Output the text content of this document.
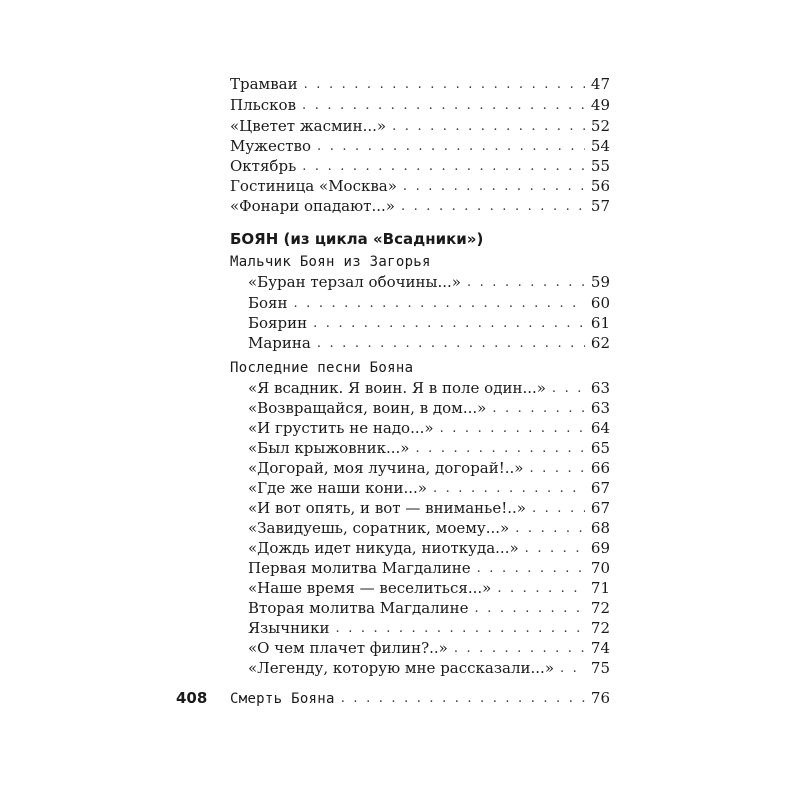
Трамваи . . .	47
Пльсков . . .	49
«Цветет жасмин...» . . .	52
Мужество . . .	54
Октябрь . . .	55
Гостиница «Москва» . . .	56
«Фонари опадают...» . . .	57
БОЯН (из цикла «Всадники»)
Мальчик Боян из Загорья
«Буран терзал обочины...» . . .	59
Боян . . .	60
Боярин . . .	61
Марина . . .	62
Последние песни Бояна
«Я всадник. Я воин. Я в поле один...» . . .	63
«Возвращайся, воин, в дом...» . . .	63
«И грустить не надо...» . . .	64
«Был крыжовник...» . . .	65
«Догорай, моя лучина, догорай!..» . . .	66
«Где же наши кони...» . . .	67
«И вот опять, и вот — вниманье!..» . . .	67
«Завидуешь, соратник, моему...» . . .	68
«Дождь идет никуда, ниоткуда...» . . .	69
Первая молитва Магдалине . . .	70
«Наше время — веселиться...» . . .	71
Вторая молитва Магдалине . . .	72
Язычники . . .	72
«О чем плачет филин?..» . . .	74
«Легенду, которую мне рассказали...» . . .	75
408 Смерть Бояна . . .	76
